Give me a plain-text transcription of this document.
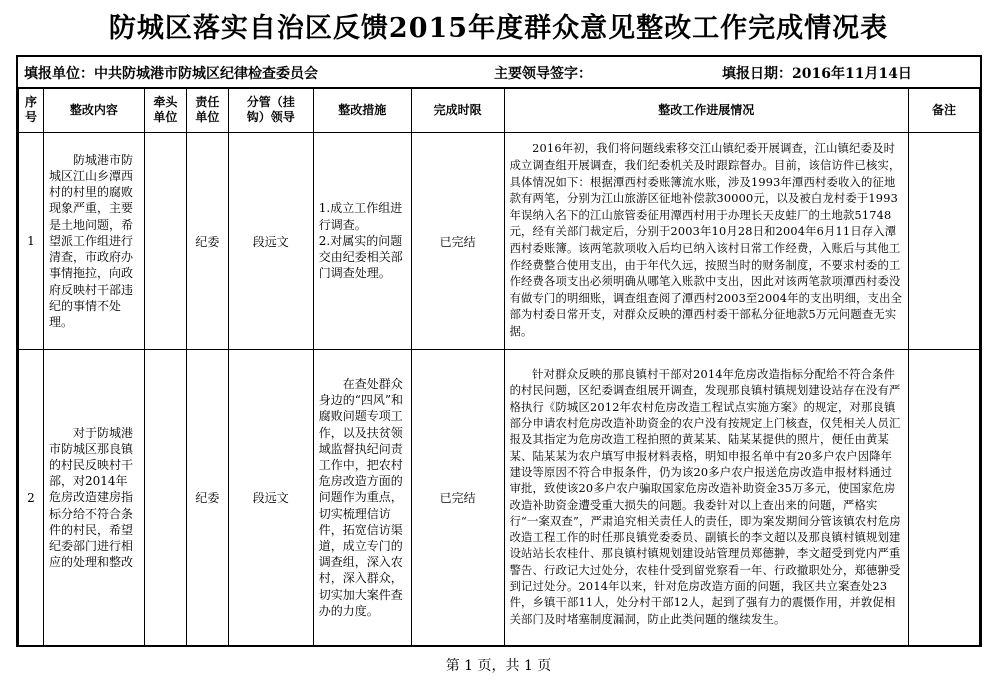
防城区落实自治区反馈2015年度群众意见整改工作完成情况表
填报单位：中共防城港市防城区纪律检查委员会	主要领导签字：	填报日期：2016年11月14日
序号	整改内容	牵头单位	责任单位	分管（挂钩）领导	整改措施	完成时限	整改工作进展情况	备注
1	防城港市防城区江山乡潭西村的村里的腐败现象严重，主要是土地问题，希望派工作组进行清查，市政府办事情拖拉，向政府反映村干部违纪的事情不处理。		纪委	段远文	1.成立工作组进行调查。
2.对属实的问题交由纪委相关部门调查处理。	已完结	2016年初，我们将问题线索移交江山镇纪委开展调查，江山镇纪委及时成立调查组开展调查，我们纪委机关及时跟踪督办。目前，该信访件已核实，具体情况如下：根据潭西村委账簿流水账，涉及1993年潭西村委收入的征地款有两笔，分别为江山旅游区征地补偿款30000元，以及被白龙村委于1993年误纳入名下的江山旅管委征用潭西村用于办理长天皮蛙厂的土地款51748元，经有关部门裁定后，分别于2003年10月28日和2004年6月11日存入潭西村委账簿。该两笔款项收入后均已纳入该村日常工作经费，入账后与其他工作经费整合使用支出，由于年代久远，按照当时的财务制度，不要求村委的工作经费各项支出必须明确从哪笔入账款中支出，因此对该两笔款项潭西村委没有做专门的明细账，调查组查阅了潭西村2003至2004年的支出明细，支出全部为村委日常开支，对群众反映的潭西村委干部私分征地款5万元问题查无实据。	

2	对于防城港市防城区那良镇的村民反映村干部，对2014年危房改造建房指标分给不符合条件的村民，希望纪委部门进行相应的处理和整改		纪委	段远文	在查处群众身边的“四风”和腐败问题专项工作，以及扶贫领域监督执纪问责工作中，把农村危房改造方面的问题作为重点，切实梳理信访件，拓宽信访渠道，成立专门的调查组，深入农村，深入群众，切实加大案件查办的力度。	已完结	针对群众反映的那良镇村干部对2014年危房改造指标分配给不符合条件的村民问题，区纪委调查组展开调查，发现那良镇村镇规划建设站存在没有严格执行《防城区2012年农村危房改造工程试点实施方案》的规定，对那良镇部分申请农村危房改造补助资金的农户没有按规定上门核查，仅凭相关人员汇报及其指定为危房改造工程拍照的黄某某、陆某某提供的照片，便任由黄某某、陆某某为农户填写申报材料表格，明知申报名单中有20多户农户因降年建设等原因不符合申报条件，仍为该20多户农户报送危房改造申报材料通过审批，致使该20多户农户骗取国家危房改造补助资金35万多元，使国家危房改造补助资金遭受重大损失的问题。我委针对以上查出来的问题，严格实行“一案双查”，严肃追究相关责任人的责任，即为案发期间分管该镇农村危房改造工程工作的时任那良镇党委委员、副镇长的李文超以及那良镇村镇规划建设站站长农桂什、那良镇村镇规划建设站管理员郑德翀，李文超受到党内严重警告、行政记大过处分，农桂什受到留党察看一年、行政撤职处分，郑德翀受到记过处分。2014年以来，针对危房改造方面的问题，我区共立案查处23件，乡镇干部11人，处分村干部12人，起到了强有力的震慑作用，并敦促相关部门及时堵塞制度漏洞，防止此类问题的继续发生。	

第 1 页，共 1 页
